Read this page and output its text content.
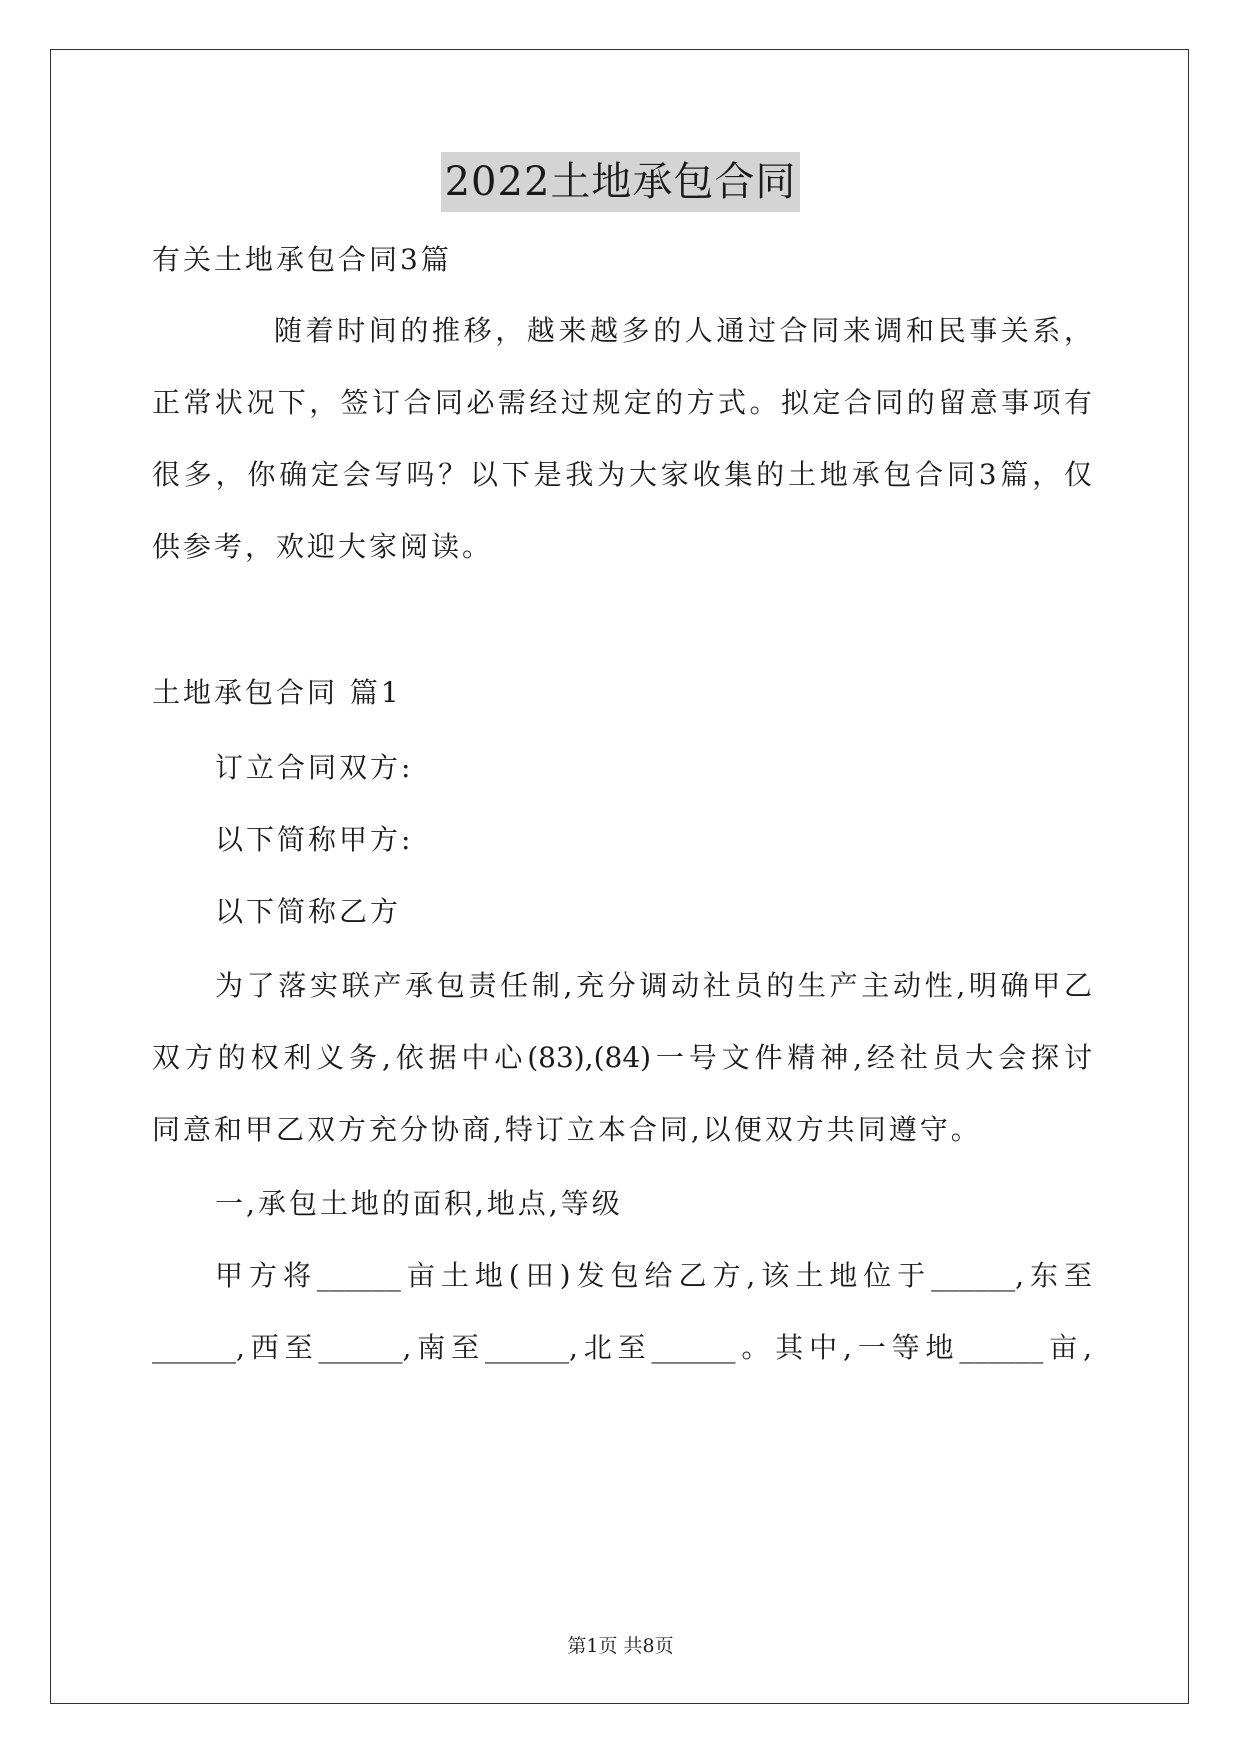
2022土地承包合同
有关土地承包合同3篇
随着时间的推移，越来越多的人通过合同来调和民事关系，
正常状况下，签订合同必需经过规定的方式。拟定合同的留意事项有
很多，你确定会写吗？以下是我为大家收集的土地承包合同3篇，仅
供参考，欢迎大家阅读。
土地承包合同 篇1
订立合同双方:
以下简称甲方:
以下简称乙方
为了落实联产承包责任制,充分调动社员的生产主动性,明确甲乙
双方的权利义务,依据中心(83),(84)一号文件精神,经社员大会探讨
同意和甲乙双方充分协商,特订立本合同,以便双方共同遵守。
一,承包土地的面积,地点,等级
甲方将______亩土地(田)发包给乙方,该土地位于______,东至
______,西至______,南至______,北至______。其中,一等地______亩,
第1页 共8页
